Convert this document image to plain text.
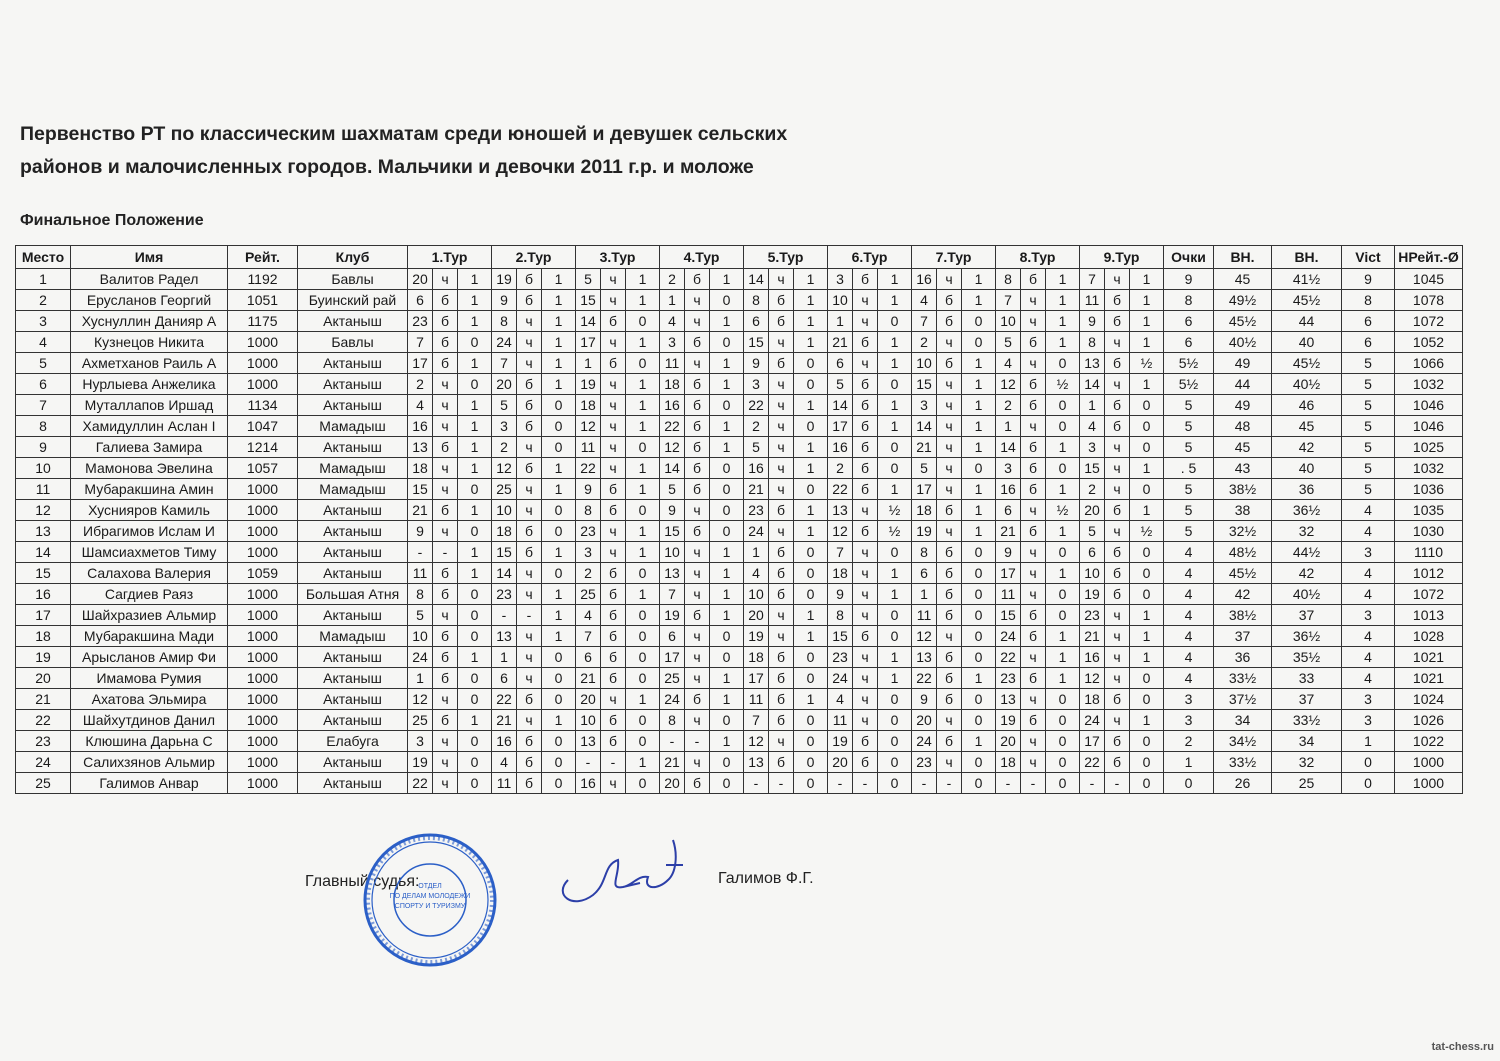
Первенство РТ по классическим шахматам среди юношей и девушек сельских
районов и малочисленных городов. Мальчики и девочки 2011 г.р. и моложе
Финальное Положение
Место	Имя	Рейт.	Клуб	1.Тур			2.Тур			3.Тур			4.Тур			5.Тур			6.Тур			7.Тур			8.Тур			9.Тур			Очки	ВН.	ВН.	Vict	НРейт.-Ø
1	Валитов Радел	1192	Бавлы	20	ч	1	19	б	1	5	ч	1	2	б	1	14	ч	1	3	б	1	16	ч	1	8	б	1	7	ч	1	9	45	41½	9	1045
2	Ерусланов Георгий	1051	Буинский рай	6	б	1	9	б	1	15	ч	1	1	ч	0	8	б	1	10	ч	1	4	б	1	7	ч	1	11	б	1	8	49½	45½	8	1078
3	Хуснуллин Данияр А	1175	Актаныш	23	б	1	8	ч	1	14	б	0	4	ч	1	6	б	1	1	ч	0	7	б	0	10	ч	1	9	б	1	6	45½	44	6	1072
4	Кузнецов Никита	1000	Бавлы	7	б	0	24	ч	1	17	ч	1	3	б	0	15	ч	1	21	б	1	2	ч	0	5	б	1	8	ч	1	6	40½	40	6	1052
5	Ахметханов Раиль А	1000	Актаныш	17	б	1	7	ч	1	1	б	0	11	ч	1	9	б	0	6	ч	1	10	б	1	4	ч	0	13	б	½	5½	49	45½	5	1066
6	Нурлыева Анжелика	1000	Актаныш	2	ч	0	20	б	1	19	ч	1	18	б	1	3	ч	0	5	б	0	15	ч	1	12	б	½	14	ч	1	5½	44	40½	5	1032
7	Муталлапов Иршад	1134	Актаныш	4	ч	1	5	б	0	18	ч	1	16	б	0	22	ч	1	14	б	1	3	ч	1	2	б	0	1	б	0	5	49	46	5	1046
8	Хамидуллин Аслан I	1047	Мамадыш	16	ч	1	3	б	0	12	ч	1	22	б	1	2	ч	0	17	б	1	14	ч	1	1	ч	0	4	б	0	5	48	45	5	1046
9	Галиева Замира	1214	Актаныш	13	б	1	2	ч	0	11	ч	0	12	б	1	5	ч	1	16	б	0	21	ч	1	14	б	1	3	ч	0	5	45	42	5	1025
10	Мамонова Эвелина	1057	Мамадыш	18	ч	1	12	б	1	22	ч	1	14	б	0	16	ч	1	2	б	0	5	ч	0	3	б	0	15	ч	1	. 5	43	40	5	1032
11	Мубаракшина Амин	1000	Мамадыш	15	ч	0	25	ч	1	9	б	1	5	б	0	21	ч	0	22	б	1	17	ч	1	16	б	1	2	ч	0	5	38½	36	5	1036
12	Хуснияров Камиль	1000	Актаныш	21	б	1	10	ч	0	8	б	0	9	ч	0	23	б	1	13	ч	½	18	б	1	6	ч	½	20	б	1	5	38	36½	4	1035
13	Ибрагимов Ислам И	1000	Актаныш	9	ч	0	18	б	0	23	ч	1	15	б	0	24	ч	1	12	б	½	19	ч	1	21	б	1	5	ч	½	5	32½	32	4	1030
14	Шамсиахметов Тиму	1000	Актаныш	-	-	1	15	б	1	3	ч	1	10	ч	1	1	б	0	7	ч	0	8	б	0	9	ч	0	6	б	0	4	48½	44½	3	1110
15	Салахова Валерия	1059	Актаныш	11	б	1	14	ч	0	2	б	0	13	ч	1	4	б	0	18	ч	1	6	б	0	17	ч	1	10	б	0	4	45½	42	4	1012
16	Сагдиев Раяз	1000	Большая Атня	8	б	0	23	ч	1	25	б	1	7	ч	1	10	б	0	9	ч	1	1	б	0	11	ч	0	19	б	0	4	42	40½	4	1072
17	Шайхразиев Альмир	1000	Актаныш	5	ч	0	-	-	1	4	б	0	19	б	1	20	ч	1	8	ч	0	11	б	0	15	б	0	23	ч	1	4	38½	37	3	1013
18	Мубаракшина Мади	1000	Мамадыш	10	б	0	13	ч	1	7	б	0	6	ч	0	19	ч	1	15	б	0	12	ч	0	24	б	1	21	ч	1	4	37	36½	4	1028
19	Арысланов Амир Фи	1000	Актаныш	24	б	1	1	ч	0	6	б	0	17	ч	0	18	б	0	23	ч	1	13	б	0	22	ч	1	16	ч	1	4	36	35½	4	1021
20	Имамова Румия	1000	Актаныш	1	б	0	6	ч	0	21	б	0	25	ч	1	17	б	0	24	ч	1	22	б	1	23	б	1	12	ч	0	4	33½	33	4	1021
21	Ахатова Эльмира	1000	Актаныш	12	ч	0	22	б	0	20	ч	1	24	б	1	11	б	1	4	ч	0	9	б	0	13	ч	0	18	б	0	3	37½	37	3	1024
22	Шайхутдинов Данил	1000	Актаныш	25	б	1	21	ч	1	10	б	0	8	ч	0	7	б	0	11	ч	0	20	ч	0	19	б	0	24	ч	1	3	34	33½	3	1026
23	Клюшина Дарьна С	1000	Елабуга	3	ч	0	16	б	0	13	б	0	-	-	1	12	ч	0	19	б	0	24	б	1	20	ч	0	17	б	0	2	34½	34	1	1022
24	Салихзянов Альмир	1000	Актаныш	19	ч	0	4	б	0	-	-	1	21	ч	0	13	б	0	20	б	0	23	ч	0	18	ч	0	22	б	0	1	33½	32	0	1000
25	Галимов Анвар	1000	Актаныш	22	ч	0	11	б	0	16	ч	0	20	б	0	-	-	0	-	-	0	-	-	0	-	-	0	-	-	0	0	26	25	0	1000
Главный судья:
ОТДЕЛ
ПО ДЕЛАМ МОЛОДЕЖИ
СПОРТУ И ТУРИЗМУ
Галимов Ф.Г.
tat-chess.ru
